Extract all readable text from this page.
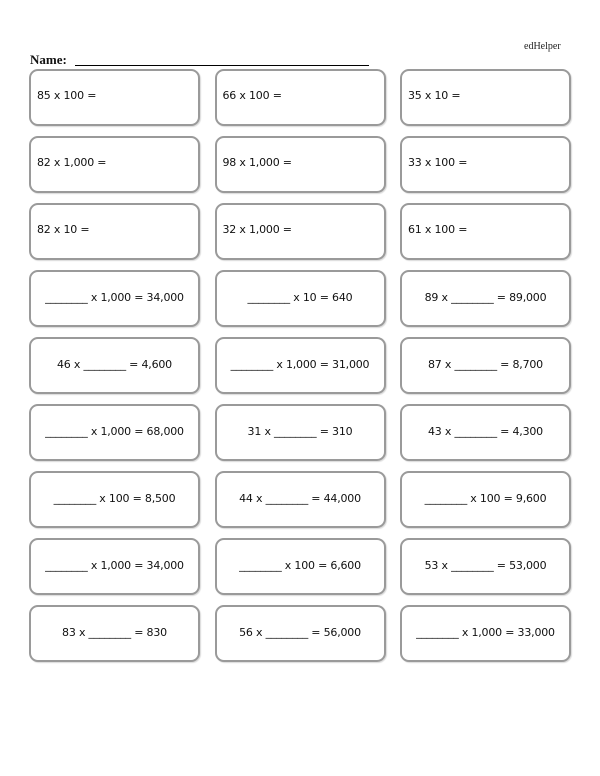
edHelper
Name:
85 x 100 =	66 x 100 =	35 x 10 =
82 x 1,000 =	98 x 1,000 =	33 x 100 =
82 x 10 =	32 x 1,000 =	61 x 100 =
________ x 1,000 = 34,000	________ x 10 = 640	89 x ________ = 89,000
46 x ________ = 4,600	________ x 1,000 = 31,000	87 x ________ = 8,700
________ x 1,000 = 68,000	31 x ________ = 310	43 x ________ = 4,300
________ x 100 = 8,500	44 x ________ = 44,000	________ x 100 = 9,600
________ x 1,000 = 34,000	________ x 100 = 6,600	53 x ________ = 53,000
83 x ________ = 830	56 x ________ = 56,000	________ x 1,000 = 33,000
